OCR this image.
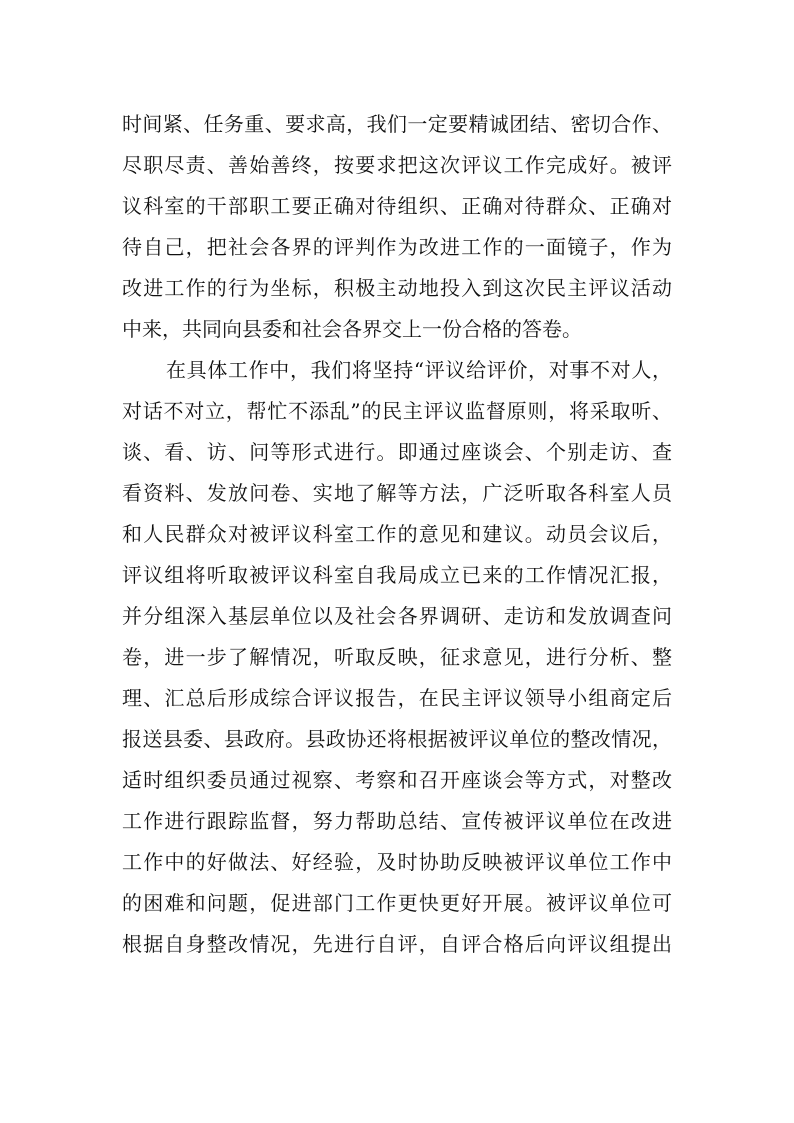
时间紧、任务重、要求高，我们一定要精诚团结、密切合作、
尽职尽责、善始善终，按要求把这次评议工作完成好。被评
议科室的干部职工要正确对待组织、正确对待群众、正确对
待自己，把社会各界的评判作为改进工作的一面镜子，作为
改进工作的行为坐标，积极主动地投入到这次民主评议活动
中来，共同向县委和社会各界交上一份合格的答卷。
在具体工作中，我们将坚持“评议给评价，对事不对人，
对话不对立，帮忙不添乱”的民主评议监督原则，将采取听、
谈、看、访、问等形式进行。即通过座谈会、个别走访、查
看资料、发放问卷、实地了解等方法，广泛听取各科室人员
和人民群众对被评议科室工作的意见和建议。动员会议后，
评议组将听取被评议科室自我局成立已来的工作情况汇报，
并分组深入基层单位以及社会各界调研、走访和发放调查问
卷，进一步了解情况，听取反映，征求意见，进行分析、整
理、汇总后形成综合评议报告，在民主评议领导小组商定后
报送县委、县政府。县政协还将根据被评议单位的整改情况，
适时组织委员通过视察、考察和召开座谈会等方式，对整改
工作进行跟踪监督，努力帮助总结、宣传被评议单位在改进
工作中的好做法、好经验，及时协助反映被评议单位工作中
的困难和问题，促进部门工作更快更好开展。被评议单位可
根据自身整改情况，先进行自评，自评合格后向评议组提出
